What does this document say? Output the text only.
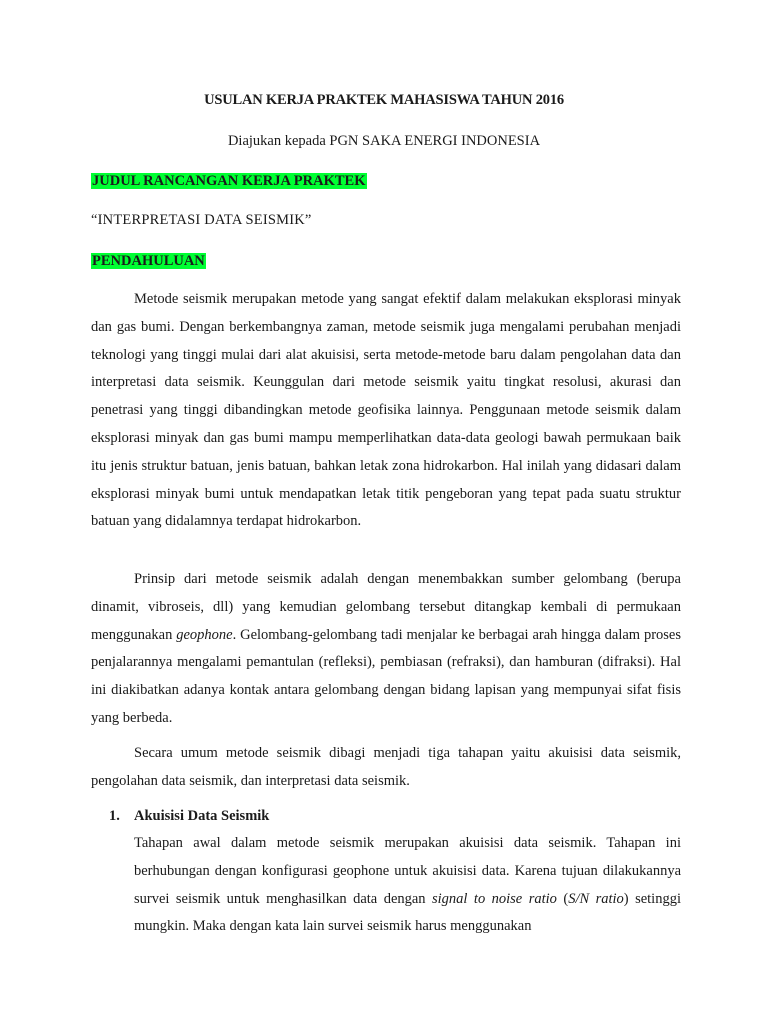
USULAN KERJA PRAKTEK MAHASISWA TAHUN 2016
Diajukan kepada PGN SAKA ENERGI INDONESIA
JUDUL RANCANGAN KERJA PRAKTEK
“INTERPRETASI DATA SEISMIK”
PENDAHULUAN

Metode seismik merupakan metode yang sangat efektif dalam melakukan eksplorasi minyak dan gas bumi. Dengan berkembangnya zaman, metode seismik juga mengalami perubahan menjadi teknologi yang tinggi mulai dari alat akuisisi, serta metode-metode baru dalam pengolahan data dan interpretasi data seismik. Keunggulan dari metode seismik yaitu tingkat resolusi, akurasi dan penetrasi yang tinggi dibandingkan metode geofisika lainnya. Penggunaan metode seismik dalam eksplorasi minyak dan gas bumi mampu memperlihatkan data-data geologi bawah permukaan baik itu jenis struktur batuan, jenis batuan, bahkan letak zona hidrokarbon. Hal inilah yang didasari dalam eksplorasi minyak bumi untuk mendapatkan letak titik pengeboran yang tepat pada suatu struktur batuan yang didalamnya terdapat hidrokarbon.

Prinsip dari metode seismik adalah dengan menembakkan sumber gelombang (berupa dinamit, vibroseis, dll) yang kemudian gelombang tersebut ditangkap kembali di permukaan menggunakan geophone. Gelombang-gelombang tadi menjalar ke berbagai arah hingga dalam proses penjalarannya mengalami pemantulan (refleksi), pembiasan (refraksi), dan hamburan (difraksi). Hal ini diakibatkan adanya kontak antara gelombang dengan bidang lapisan yang mempunyai sifat fisis yang berbeda.

Secara umum metode seismik dibagi menjadi tiga tahapan yaitu akuisisi data seismik, pengolahan data seismik, dan interpretasi data seismik.

1. Akuisisi Data Seismik
Tahapan awal dalam metode seismik merupakan akuisisi data seismik. Tahapan ini berhubungan dengan konfigurasi geophone untuk akuisisi data. Karena tujuan dilakukannya survei seismik untuk menghasilkan data dengan signal to noise ratio (S/N ratio) setinggi mungkin. Maka dengan kata lain survei seismik harus menggunakan
